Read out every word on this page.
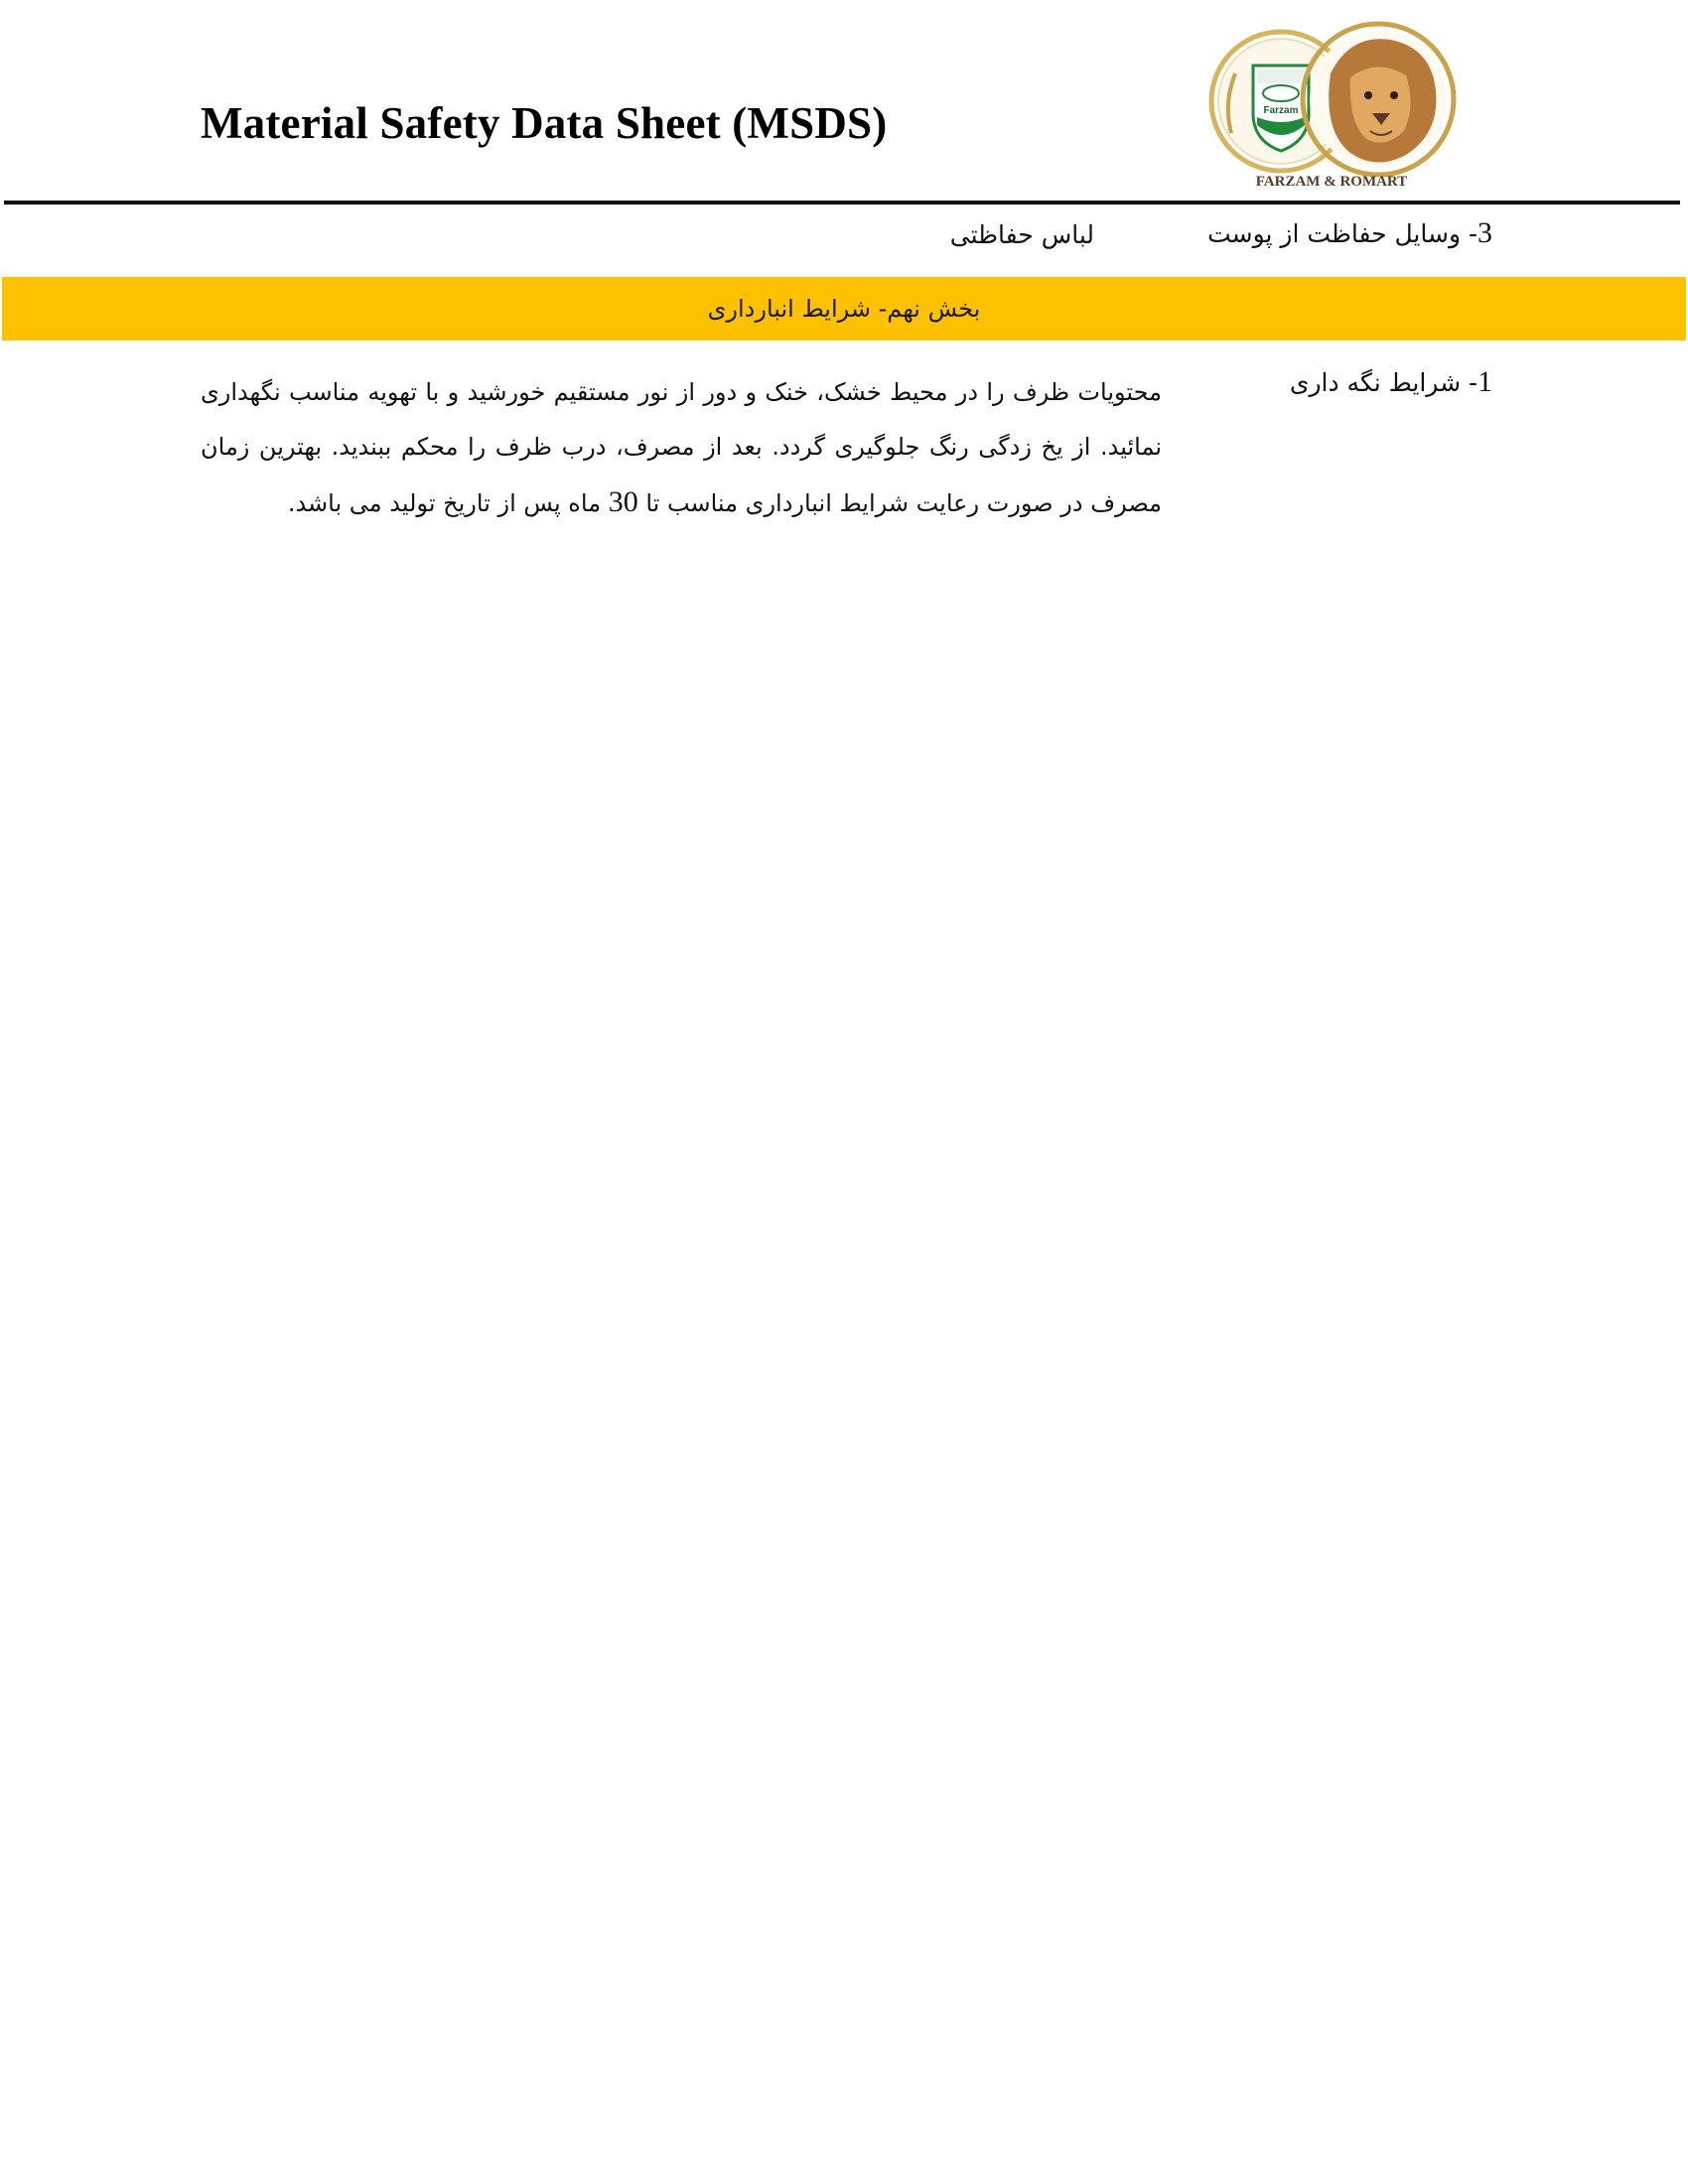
Material Safety Data Sheet (MSDS)	Farzam
FARZAM & ROMART
3- وسایل حفاظت از پوست
لباس حفاظتی
بخش نهم- شرایط انبارداری
1- شرایط نگه داری
محتویات ظرف را در محیط خشک، خنک و دور از نور مستقیم خورشید و با تهویه مناسب نگهداری نمائید. از یخ زدگی رنگ جلوگیری گردد. بعد از مصرف، درب ظرف را محکم ببندید. بهترین زمان مصرف در صورت رعایت شرایط انبارداری مناسب تا 30 ماه پس از تاریخ تولید می باشد.
